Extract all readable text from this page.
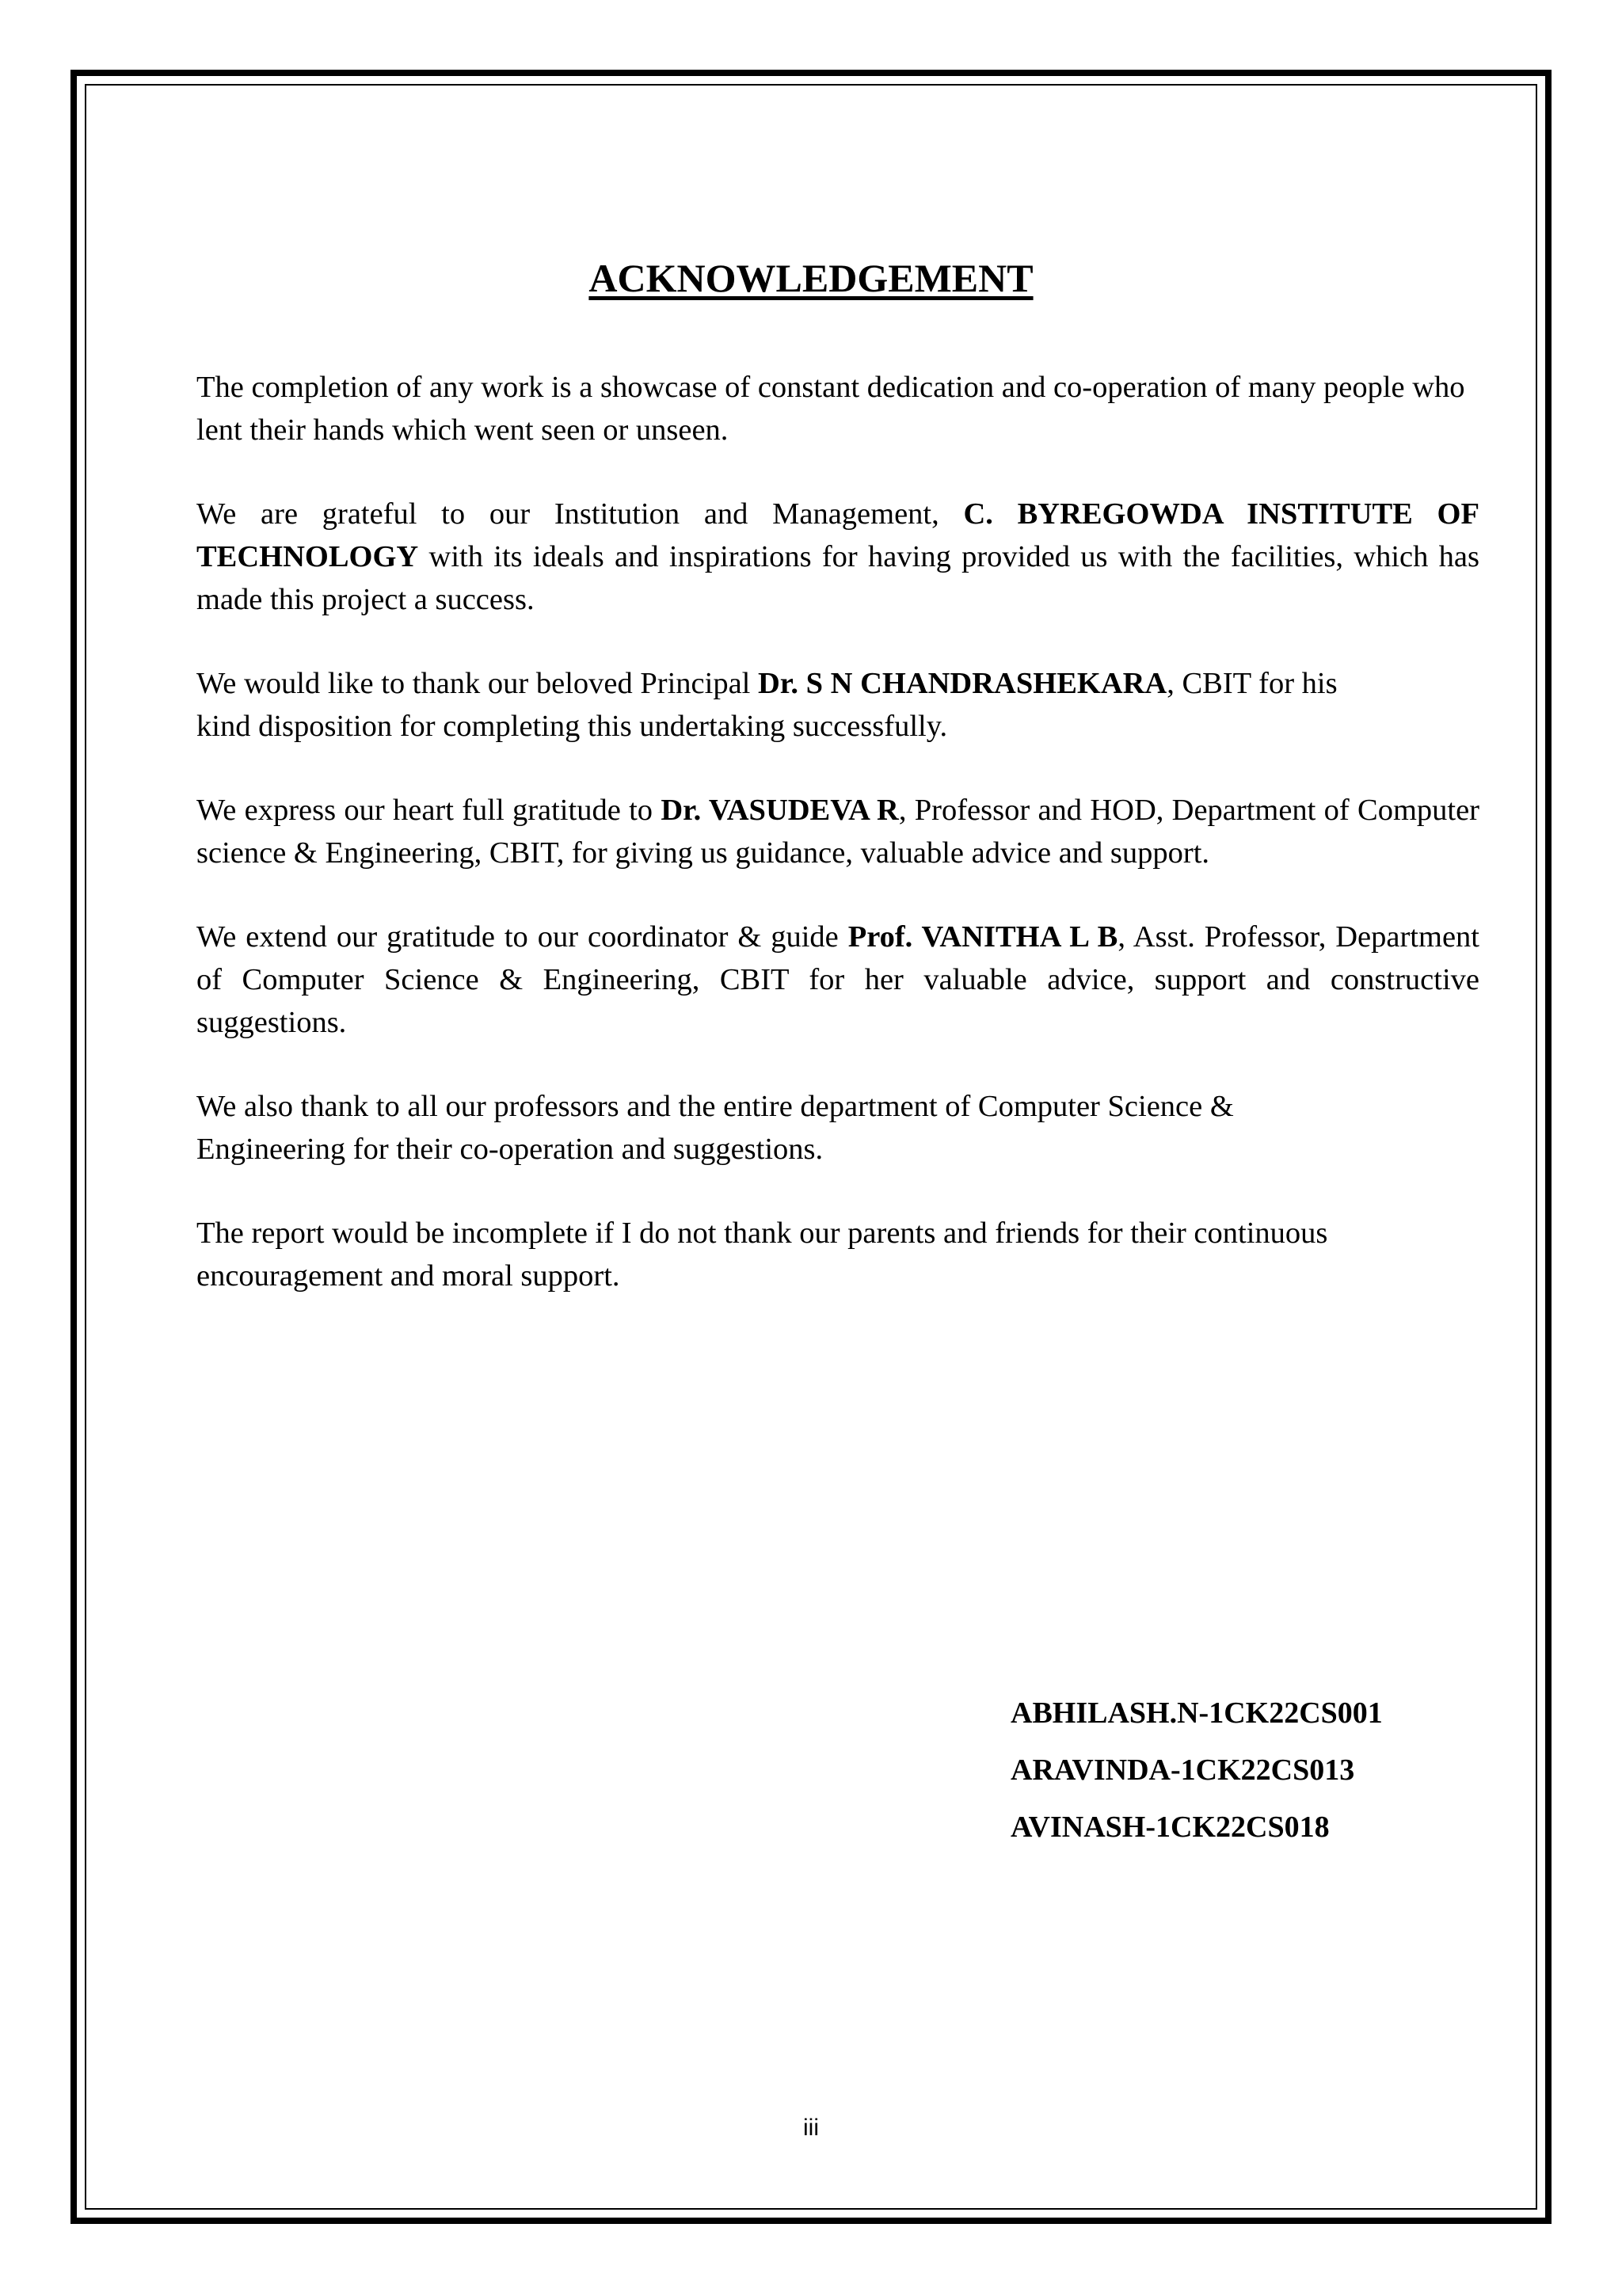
ACKNOWLEDGEMENT

The completion of any work is a showcase of constant dedication and co-operation of many people who lent their hands which went seen or unseen.

We are grateful to our Institution and Management, C. BYREGOWDA INSTITUTE OF TECHNOLOGY with its ideals and inspirations for having provided us with the facilities, which has made this project a success.

We would like to thank our beloved Principal Dr. S N CHANDRASHEKARA, CBIT for his
kind disposition for completing this undertaking successfully.

We express our heart full gratitude to Dr. VASUDEVA R, Professor and HOD, Department of Computer science & Engineering, CBIT, for giving us guidance, valuable advice and support.

We extend our gratitude to our coordinator & guide Prof. VANITHA L B, Asst. Professor, Department of Computer Science & Engineering, CBIT for her valuable advice, support and constructive suggestions.

We also thank to all our professors and the entire department of Computer Science &
Engineering for their co-operation and suggestions.

The report would be incomplete if I do not thank our parents and friends for their continuous
encouragement and moral support.

ABHILASH.N-1CK22CS001
ARAVINDA-1CK22CS013
AVINASH-1CK22CS018
iii
